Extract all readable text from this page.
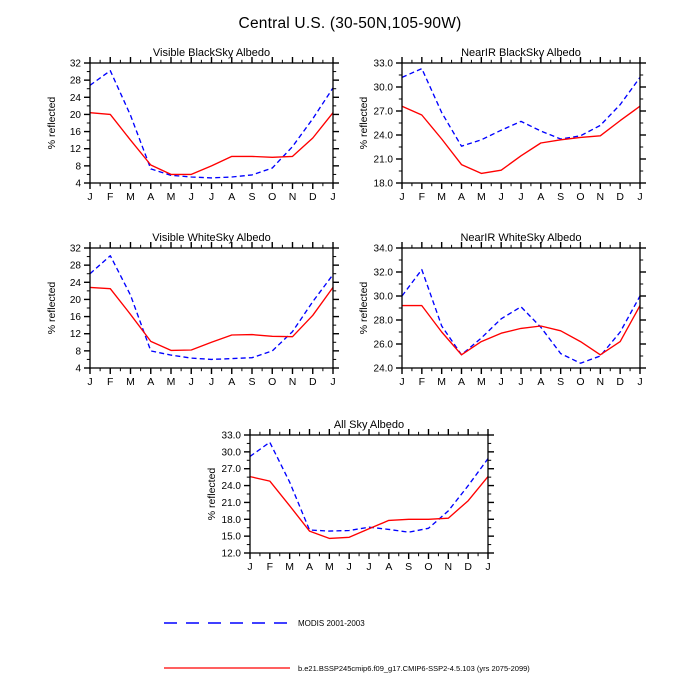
Central U.S. (30-50N,105-90W)
4
8
12
16
20
24
28
32
J F M A M J J A S O N D J
Visible BlackSky Albedo
% reflected
18.0
21.0
24.0
27.0
30.0
33.0
J F M A M J J A S O N D J
NearIR BlackSky Albedo
% reflected
4
8
12
16
20
24
28
32
J F M A M J J A S O N D J
Visible WhiteSky Albedo
% reflected
24.0
26.0
28.0
30.0
32.0
34.0
J F M A M J J A S O N D J
NearIR WhiteSky Albedo
% reflected
12.0
15.0
18.0
21.0
24.0
27.0
30.0
33.0
J F M A M J J A S O N D J
All Sky Albedo
% reflected
MODIS 2001-2003
b.e21.BSSP245cmip6.f09_g17.CMIP6-SSP2-4.5.103 (yrs 2075-2099)
